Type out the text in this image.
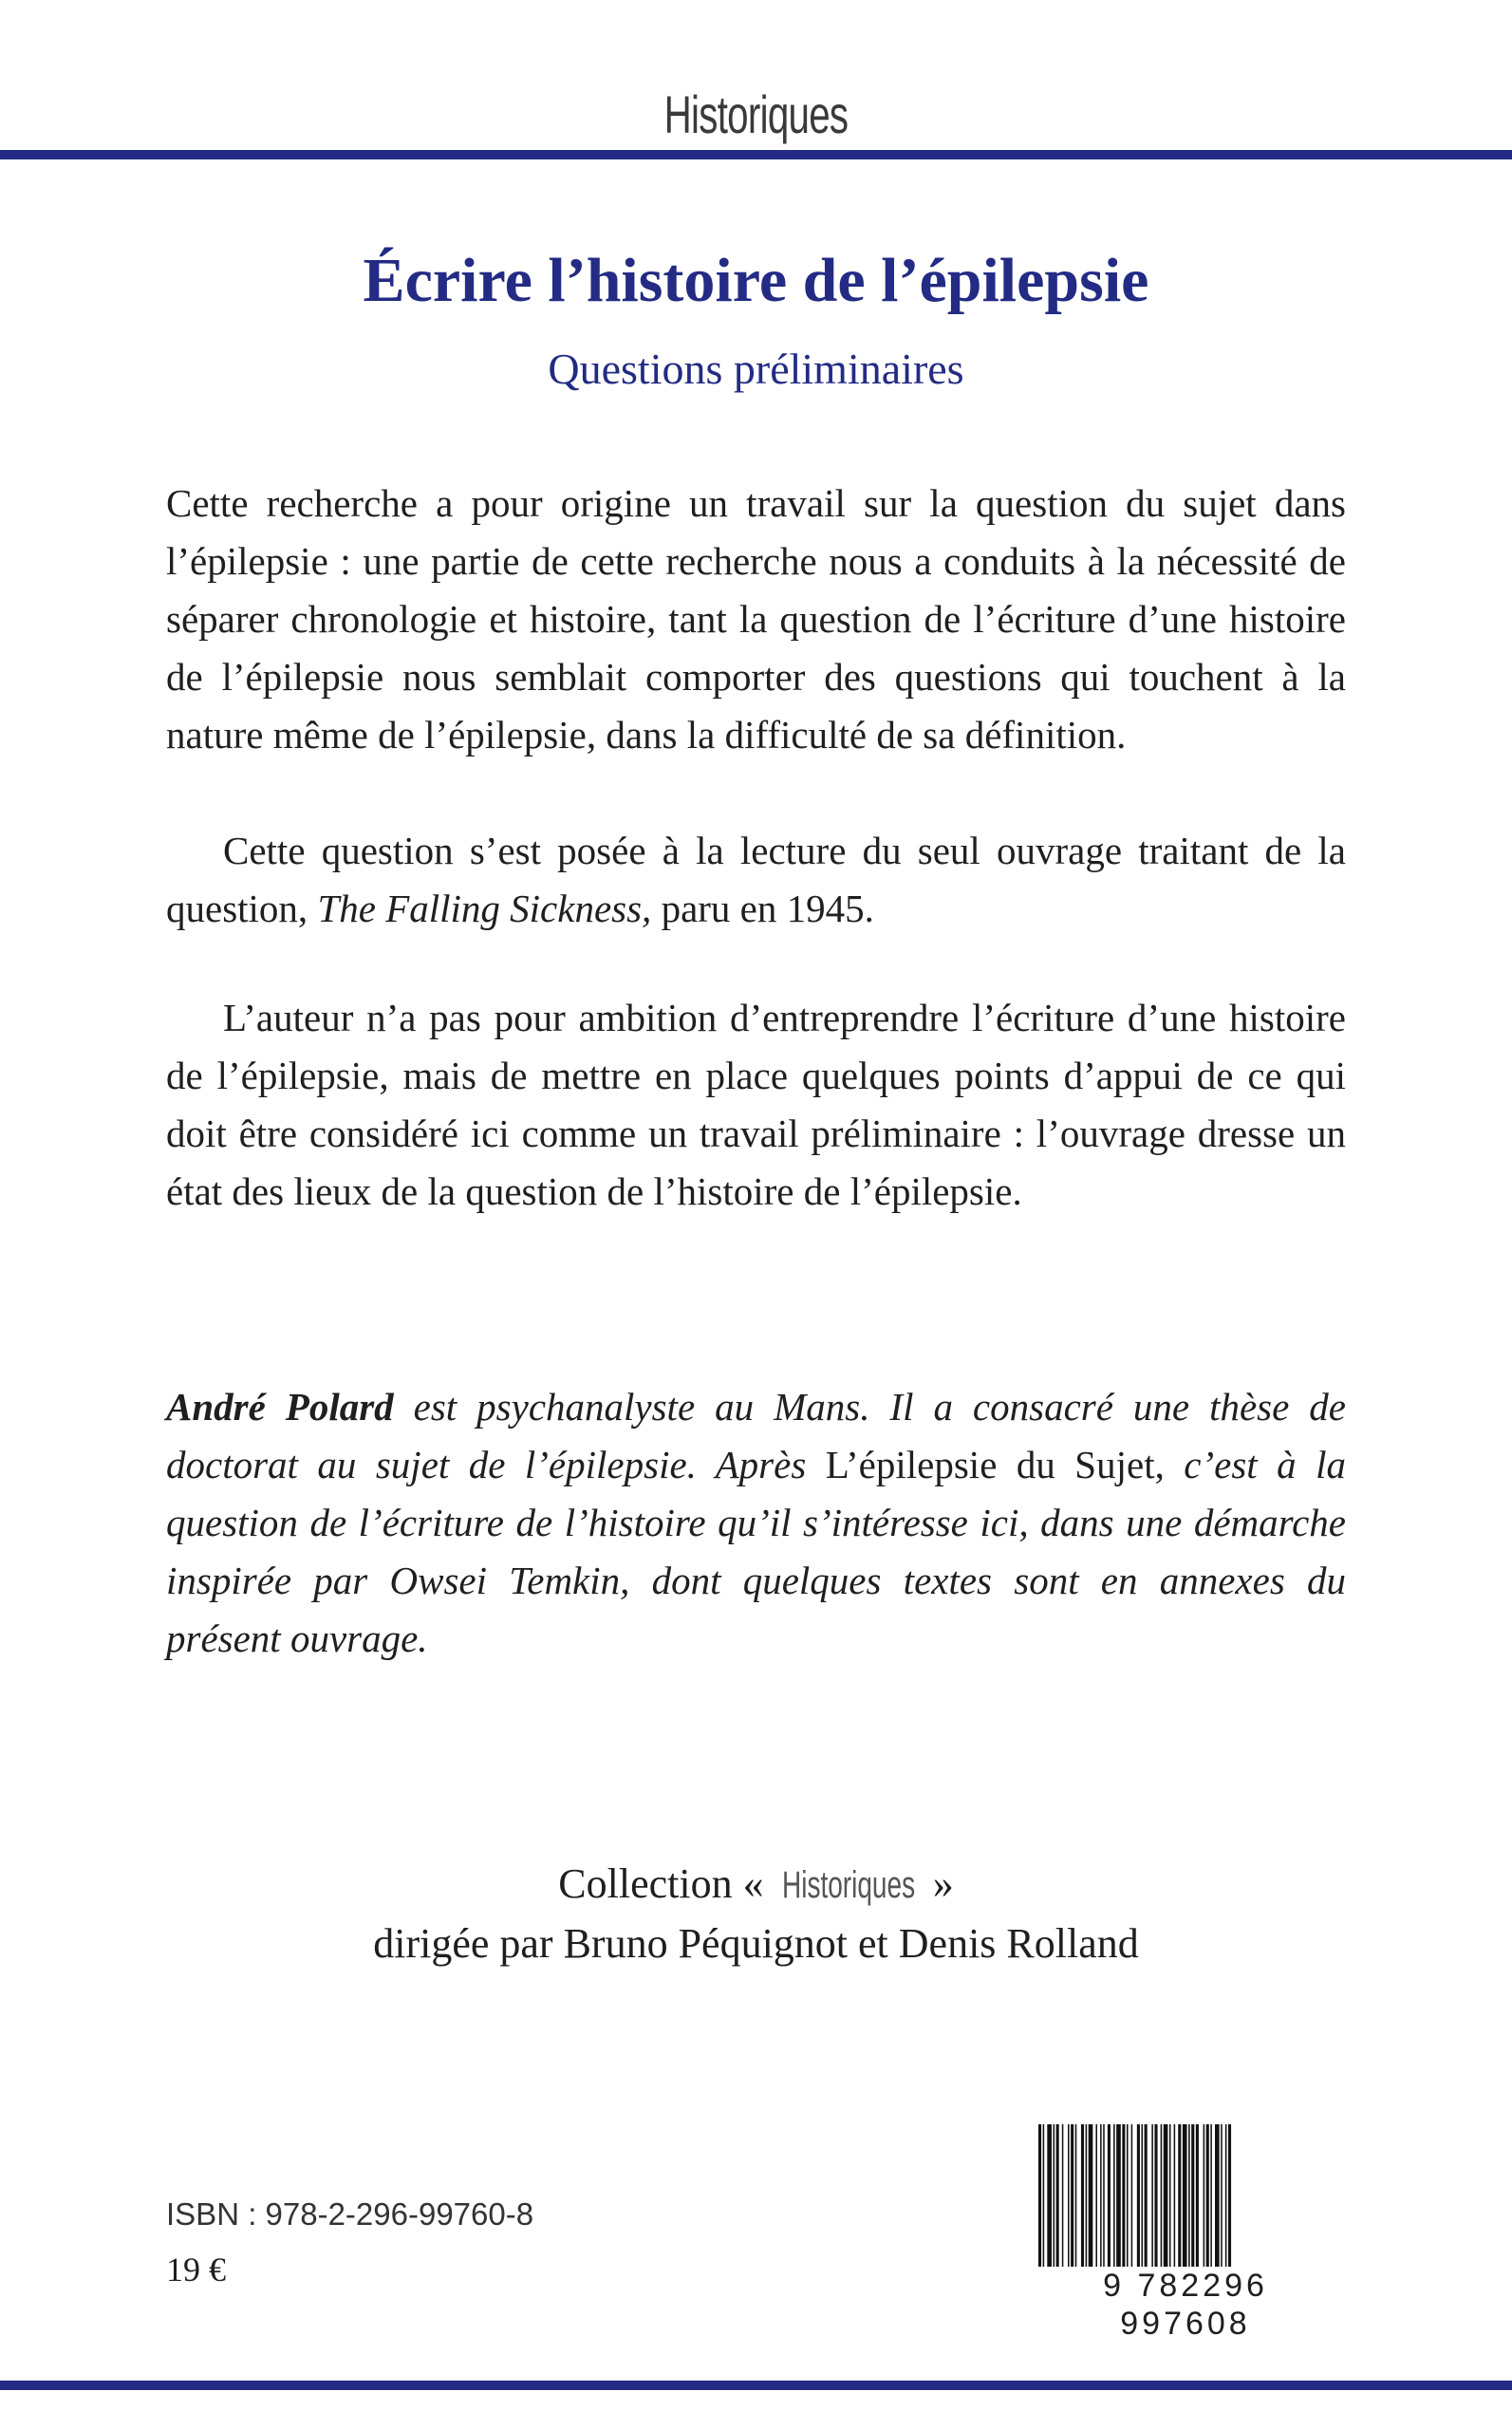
Historiques
Écrire l’histoire de l’épilepsie
Questions préliminaires

Cette recherche a pour origine un travail sur la question du sujet dans l’épilepsie : une partie de cette recherche nous a conduits à la nécessité de séparer chronologie et histoire, tant la question de l’écriture d’une histoire de l’épilepsie nous semblait comporter des questions qui touchent à la nature même de l’épilepsie, dans la difficulté de sa définition.

Cette question s’est posée à la lecture du seul ouvrage traitant de la question, The Falling Sickness, paru en 1945.

L’auteur n’a pas pour ambition d’entreprendre l’écriture d’une histoire de l’épilepsie, mais de mettre en place quelques points d’appui de ce qui doit être considéré ici comme un travail préliminaire : l’ouvrage dresse un état des lieux de la question de l’histoire de l’épilepsie.

André Polard est psychanalyste au Mans. Il a consacré une thèse de doctorat au sujet de l’épilepsie. Après L’épilepsie du Sujet, c’est à la question de l’écriture de l’histoire qu’il s’intéresse ici, dans une démarche inspirée par Owsei Temkin, dont quelques textes sont en annexes du présent ouvrage.

Collection « Historiques »
dirigée par Bruno Péquignot et Denis Rolland
ISBN : 978-2-296-99760-8
19 €	9 782296 997608
